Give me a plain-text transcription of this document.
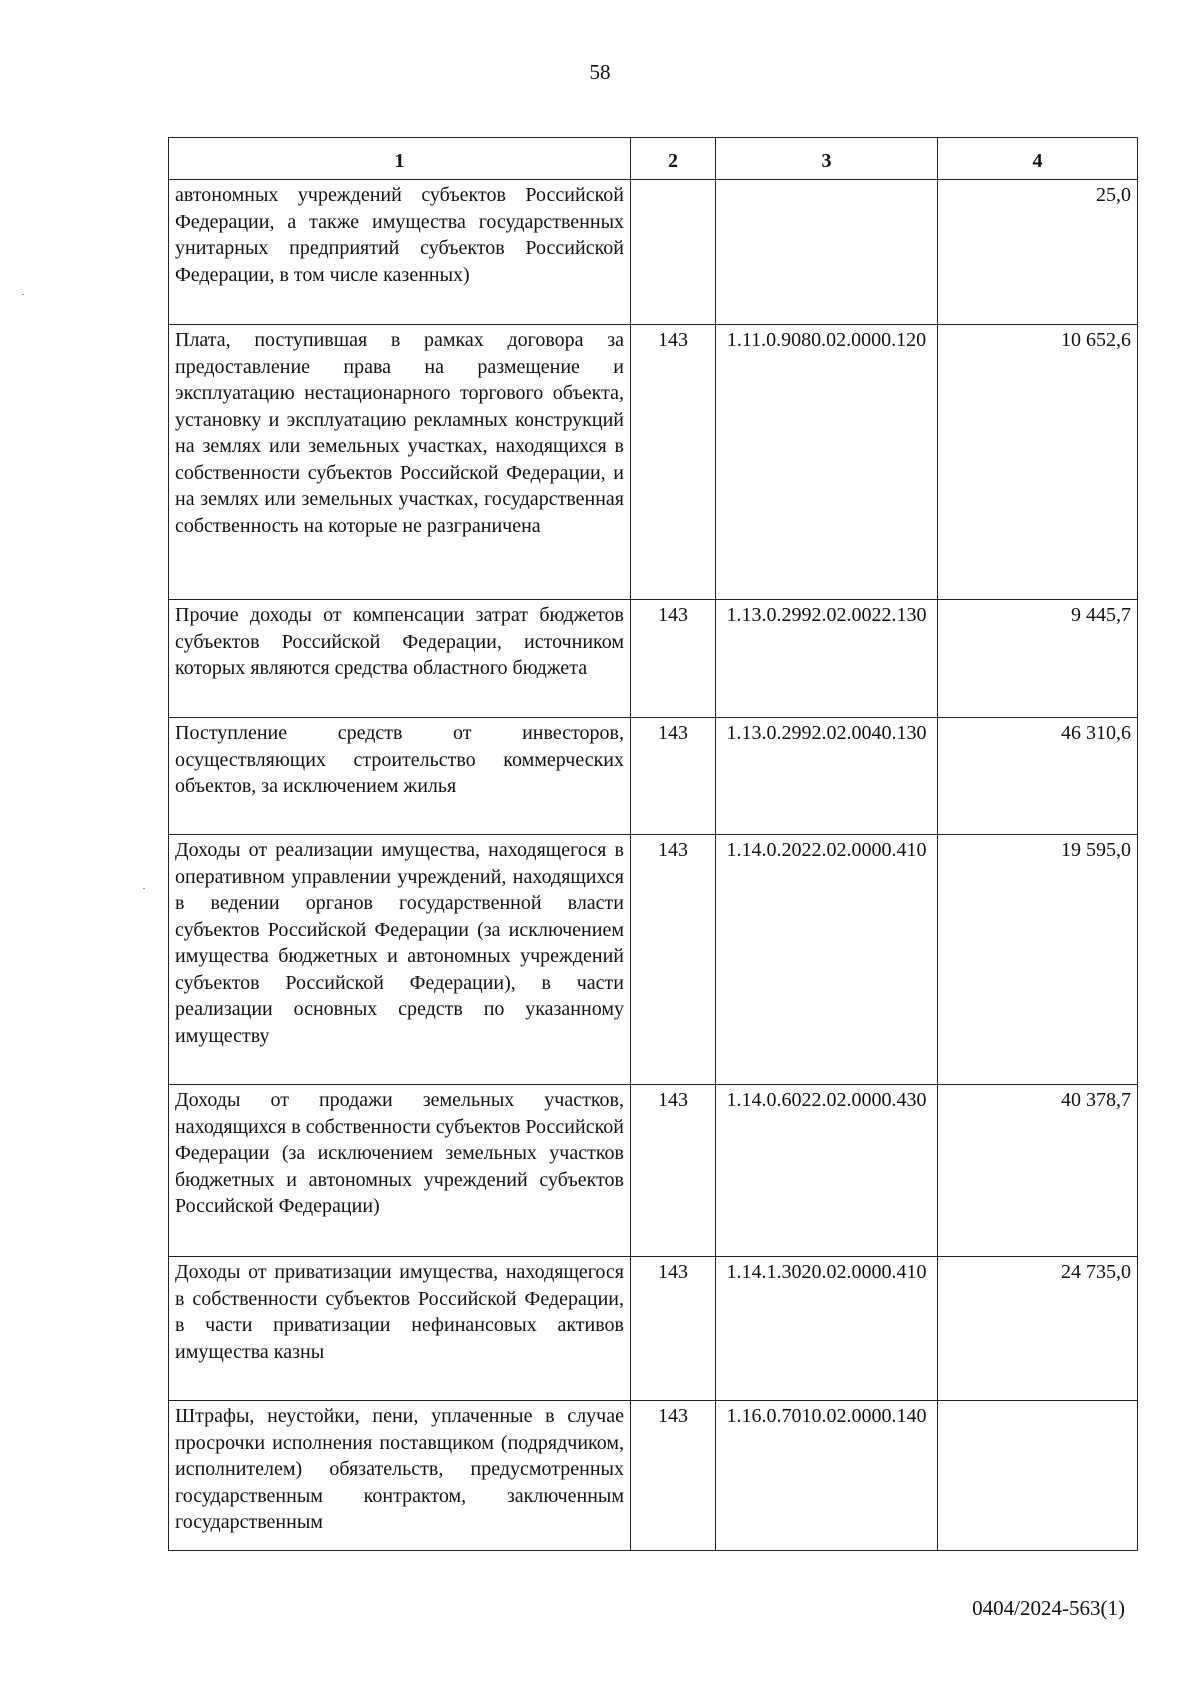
58
1	2	3	4
автономных учреждений субъектов Российской Федерации, а также имущества государственных унитарных предприятий субъектов Российской Федерации, в том числе казенных)			25,0
Плата, поступившая в рамках договора за предоставление права на размещение и эксплуатацию нестационарного торгового объекта, установку и эксплуатацию рекламных конструкций на землях или земельных участках, находящихся в собственности субъектов Российской Федерации, и на землях или земельных участках, государственная собственность на которые не разграничена	143	1.11.0.9080.02.0000.120	10 652,6
Прочие доходы от компенсации затрат бюджетов субъектов Российской Федерации, источником которых являются средства областного бюджета	143	1.13.0.2992.02.0022.130	9 445,7
Поступление средств от инвесторов, осуществляющих строительство коммерческих объектов, за исключением жилья	143	1.13.0.2992.02.0040.130	46 310,6
Доходы от реализации имущества, находящегося в оперативном управлении учреждений, находящихся в ведении органов государственной власти субъектов Российской Федерации (за исключением имущества бюджетных и автономных учреждений субъектов Российской Федерации), в части реализации основных средств по указанному имуществу	143	1.14.0.2022.02.0000.410	19 595,0
Доходы от продажи земельных участков, находящихся в собственности субъектов Российской Федерации (за исключением земельных участков бюджетных и автономных учреждений субъектов Российской Федерации)	143	1.14.0.6022.02.0000.430	40 378,7
Доходы от приватизации имущества, находящегося в собственности субъектов Российской Федерации, в части приватизации нефинансовых активов имущества казны	143	1.14.1.3020.02.0000.410	24 735,0
Штрафы, неустойки, пени, уплаченные в случае просрочки исполнения поставщиком (подрядчиком, исполнителем) обязательств, предусмотренных государственным контрактом, заключенным государственным	143	1.16.0.7010.02.0000.140	
0404/2024-563(1)
